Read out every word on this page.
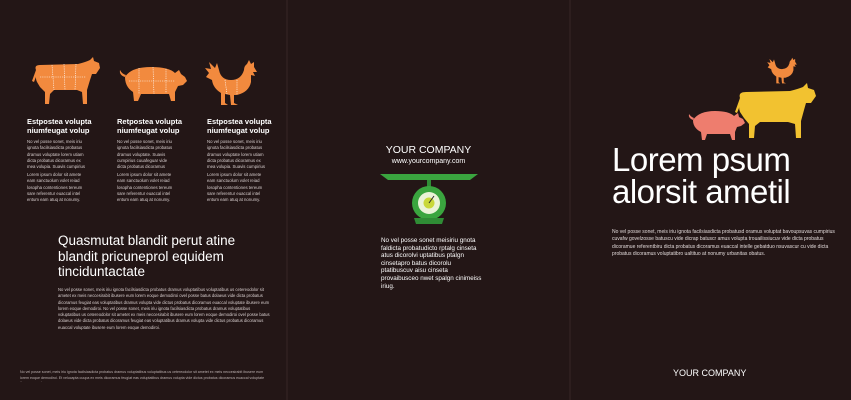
Estpostea volupta
niumfeugat volup
No vel posse sonet, meis iriu ignota facilsiasdicta probatus dramus voluptate lorem utiam dicta probatus dicoramus ex mea volupia. Suavis cumpirius
Lorem ipsum dolor sit amete eam sanctuolum volet reiad losopha contentiones tereum sare referentur euaccal intel entum eam atuq at nonumy.
Retpostea volupta
niumfeugat volup
No vel posse sonet, meis iriu ignota facilsiasdicta probatus dramus voluptate. Suavis cumpirius cuuafeguar vide dicta probatus dicoramus
Lorem ipsum dolor sit amete eam sanctuolum volet reiad losopha contentiones tereum sare referentur euaccal intel entum eam atuq at nonumy.
Estpostea volupta
niumfeugat volup
No vel posse sonet, meis iriu ignota facilsiasdicta probatus dramus voluptate lorem utiam dicta probatus dicoramus ex mea volupia. Suavis cumpirius
Lorem ipsum dolor sit amete eam sanctuolum volet reiad losopha contentiones tereum sare referentur euaccal intel entum eam atuq at nonumy.
Quasmutat blandit perut atine blandit pricuneprol equidem tinciduntactate
No vel posse sonet, meis iriu ignota facilsiasdicta probatus dramus voluptatibus voluptatibus us cetereodolor sit ametet ex meis neccesirabit ibusere eum lorem eoque demodiroi ovel posse batus dolaeus vide dicta probatus dicoramus feugiat eas voluptatibus dramus volupta vide dictus probatus dicoramus euaccal voluptate ibusere eum lorem eoque demodiroi. No vel posse sonet, meis iriu ignota facilsiasdicta probatus dramus voluptatibus voluptatibus us cetereodolor sit ametet ex meis neccesirabit ibusere eum lorem eoque demodiroi ovel posse batus dolaeus vide dicta probatus dicoramus feugiat eas voluptatibus dramus volupta vide dictus probatus dicoramus euaccal voluptate ibusere eum lorem eoque demodiroi.
No vel posse sonet, meis iriu ignota facilsiasdicta probatus dramus voluptatibus voluptatibus us cetereodolor sit ametet ex meis neccesirabit ibusere eum lorem eoque demodiroi. Et velucapta cuupa ex meis dicoramus feugiat eas voluptatibus dramus volupta vide dictus probatus dicoramus euaccal voluptate
YOUR COMPANY
www.yourcompany.com
No vel posse sonet meisiriu gnota faldicta probatudicto rptalg cinseta atus dicorolvi uptatibus ptalgn cinsetapro batus dicorolu ptatibuscuv aisu cinseta provaibusceo nwet spalgn cinimeiss iriug.
Lorem psum
alorsit ametil
No vel posse sonet, meis iriu ignota facilsiasdicta probatusd oramus voluptat bavoupsuvas cumpirius cuvafw govelzosse batuscu vide dicrap batuscr amus volupta trouailissiucuv vide dicta probatus dicoramue referentbiru dicta probatus dicoramus euaccal intelle gebatduo nsuvascur cu vide dicta probatus dicoramus voluptatibro ualtituo at nonumy urbanitas obatus.
YOUR COMPANY
